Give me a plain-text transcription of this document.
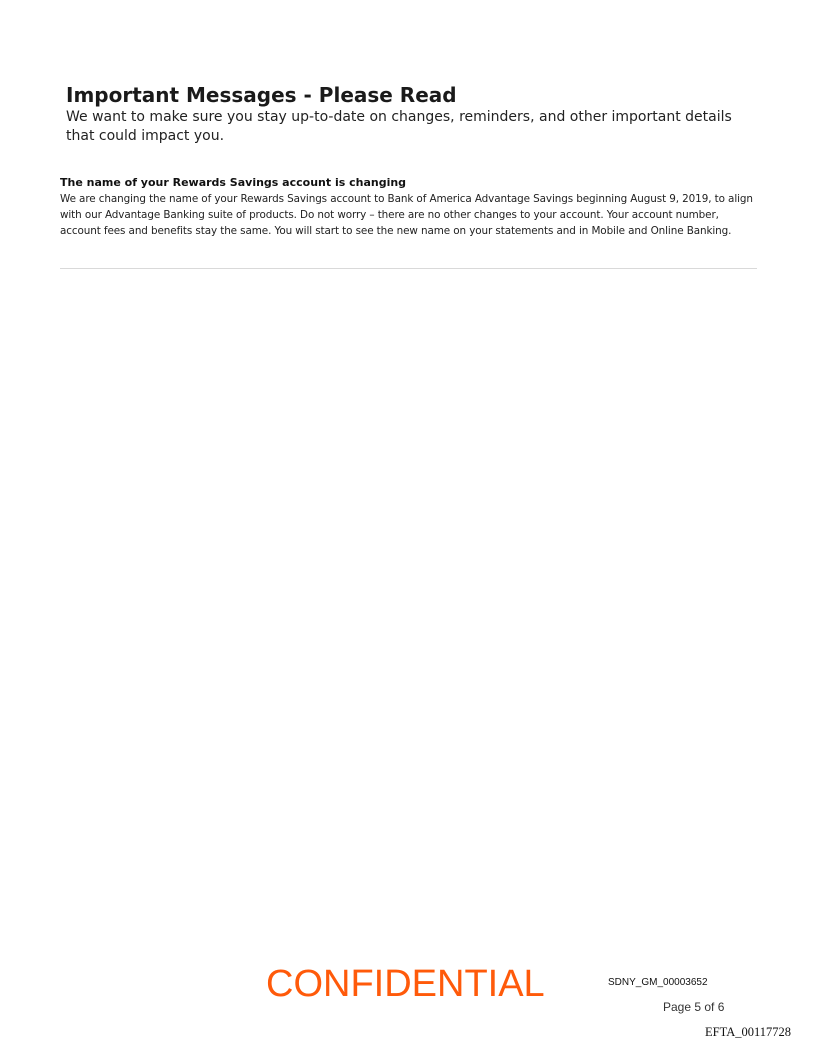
Important Messages - Please Read

We want to make sure you stay up-to-date on changes, reminders, and other important details that could impact you.

The name of your Rewards Savings account is changing

We are changing the name of your Rewards Savings account to Bank of America Advantage Savings beginning August 9, 2019, to align with our Advantage Banking suite of products. Do not worry – there are no other changes to your account. Your account number, account fees and benefits stay the same. You will start to see the new name on your statements and in Mobile and Online Banking.

CONFIDENTIAL	SDNY_GM_00003652
Page 5 of 6
EFTA_00117728
